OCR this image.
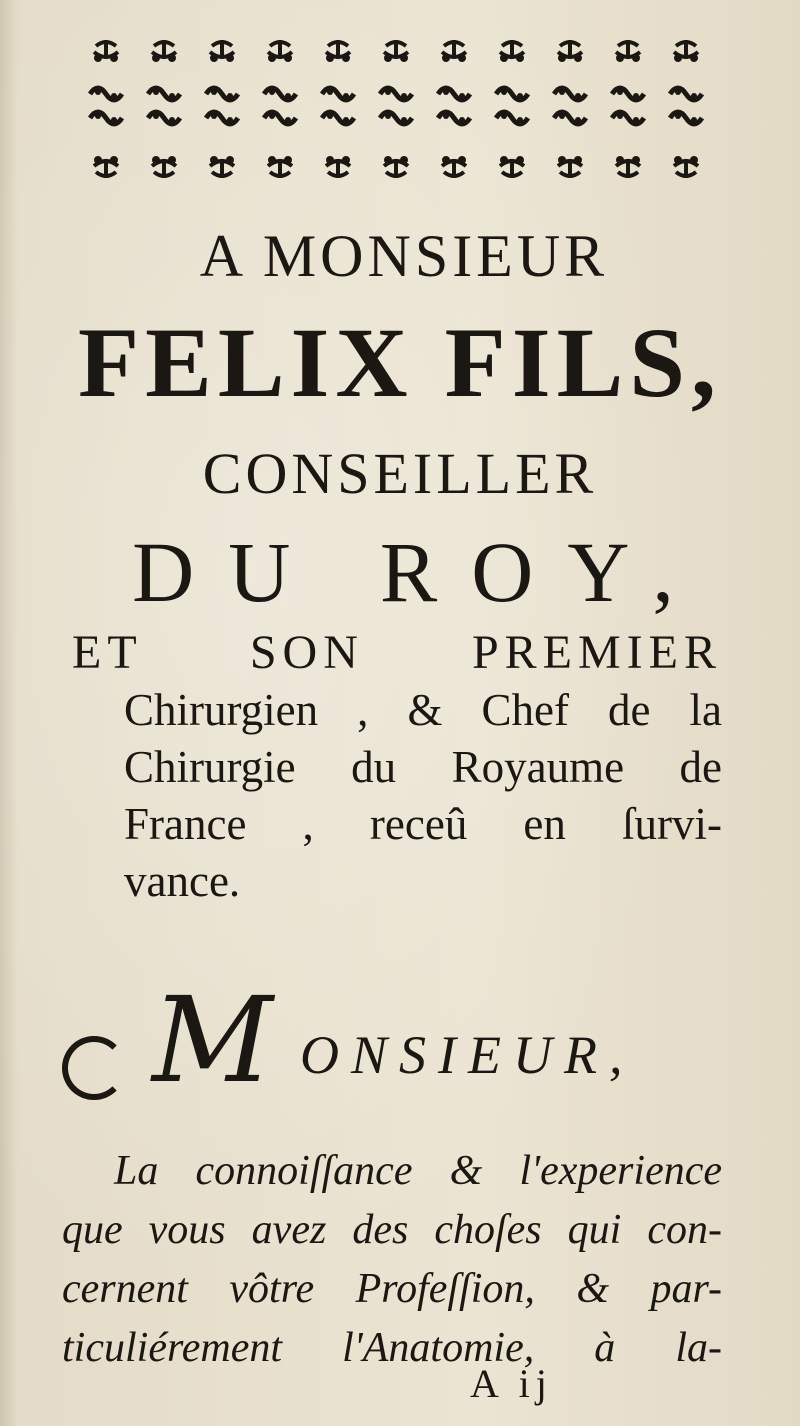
A MONSIEUR
FELIX FILS,
CONSEILLER
DU ROY,
ET SON PREMIER
Chirurgien , & Chef de la
Chirurgie du Royaume de
France , receû en ſurvi-
vance.
M ONSIEUR,
La connoiſſance & l'experience
que vous avez des choſes qui con-
cernent vôtre Profeſſion, & par-
ticuliérement l'Anatomie, à la-
A ij
